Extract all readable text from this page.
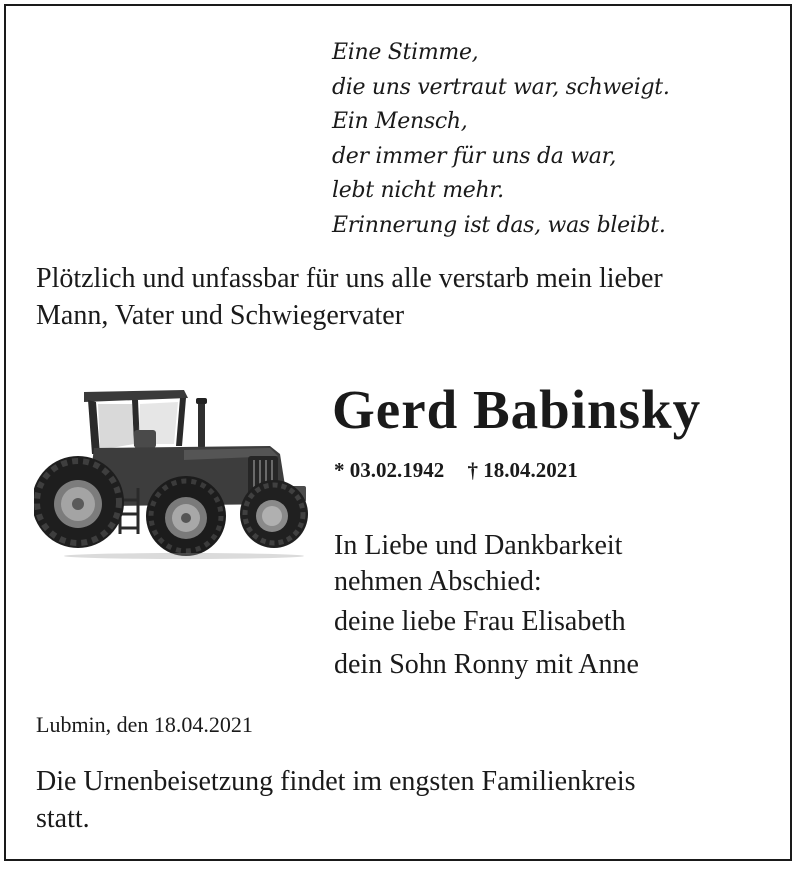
Eine Stimme,
die uns vertraut war, schweigt.
Ein Mensch,
der immer für uns da war,
lebt nicht mehr.
Erinnerung ist das, was bleibt.
Plötzlich und unfassbar für uns alle verstarb mein lieber
Mann, Vater und Schwiegervater
Gerd Babinsky
* 03.02.1942 † 18.04.2021
In Liebe und Dankbarkeit
nehmen Abschied:
deine liebe Frau Elisabeth
dein Sohn Ronny mit Anne
Lubmin, den 18.04.2021
Die Urnenbeisetzung findet im engsten Familienkreis
statt.
